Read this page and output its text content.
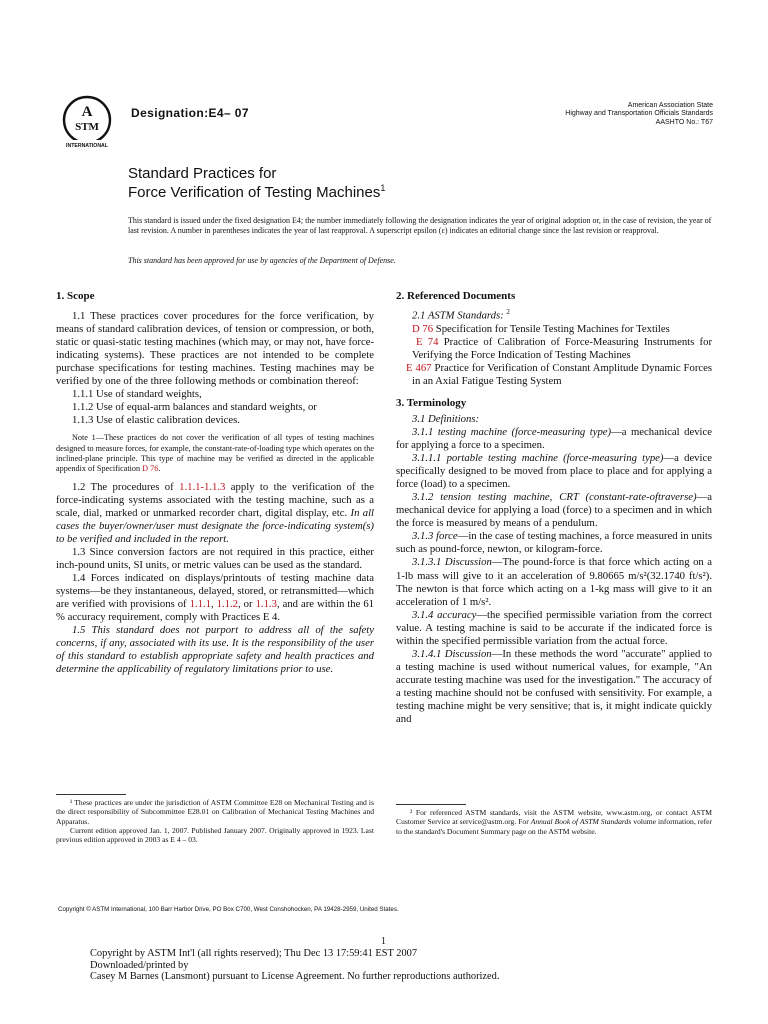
A
STM
INTERNATIONAL
Designation:E4– 07
American Association State
Highway and Transportation Officials Standards
AASHTO No.: T67
Standard Practices for
Force Verification of Testing Machines$^1$
This standard is issued under the fixed designation E4; the number immediately following the designation indicates the year of original adoption or, in the case of revision, the year of last revision. A number in parentheses indicates the year of last reapproval. A superscript epsilon (ε) indicates an editorial change since the last revision or reapproval.
This standard has been approved for use by agencies of the Department of Defense.

1. Scope

1.1 These practices cover procedures for the force verification, by means of standard calibration devices, of tension or compression, or both, static or quasi-static testing machines (which may, or may not, have force-indicating systems). These practices are not intended to be complete purchase specifications for testing machines. Testing machines may be verified by one of the three following methods or combination thereof:

1.1.1 Use of standard weights,

1.1.2 Use of equal-arm balances and standard weights, or

1.1.3 Use of elastic calibration devices.

Note 1—These practices do not cover the verification of all types of testing machines designed to measure forces, for example, the constant-rate-of-loading type which operates on the inclined-plane principle. This type of machine may be verified as directed in the applicable appendix of Specification D 76.

1.2 The procedures of 1.1.1-1.1.3 apply to the verification of the force-indicating systems associated with the testing machine, such as a scale, dial, marked or unmarked recorder chart, digital display, etc. In all cases the buyer/owner/user must designate the force-indicating system(s) to be verified and included in the report.

1.3 Since conversion factors are not required in this practice, either inch-pound units, SI units, or metric values can be used as the standard.

1.4 Forces indicated on displays/printouts of testing machine data systems—be they instantaneous, delayed, stored, or retransmitted—which are verified with provisions of 1.1.1, 1.1.2, or 1.1.3, and are within the 61 % accuracy requirement, comply with Practices E 4.

1.5 This standard does not purport to address all of the safety concerns, if any, associated with its use. It is the responsibility of the user of this standard to establish appropriate safety and health practices and determine the applicability of regulatory limitations prior to use.

2. Referenced Documents

2.1 ASTM Standards: $^2$

D 76 Specification for Tensile Testing Machines for Textiles

E 74 Practice of Calibration of Force-Measuring Instruments for Verifying the Force Indication of Testing Machines

E 467 Practice for Verification of Constant Amplitude Dynamic Forces in an Axial Fatigue Testing System

3. Terminology

3.1 Definitions:

3.1.1 testing machine (force-measuring type)—a mechanical device for applying a force to a specimen.

3.1.1.1 portable testing machine (force-measuring type)—a device specifically designed to be moved from place to place and for applying a force (load) to a specimen.

3.1.2 tension testing machine, CRT (constant-rate-oftraverse)—a mechanical device for applying a load (force) to a specimen and in which the force is measured by means of a pendulum.

3.1.3 force—in the case of testing machines, a force measured in units such as pound-force, newton, or kilogram-force.

3.1.3.1 Discussion—The pound-force is that force which acting on a 1-lb mass will give to it an acceleration of 9.80665 m/s²(32.1740 ft/s²). The newton is that force which acting on a 1-kg mass will give to it an acceleration of 1 m/s².

3.1.4 accuracy—the specified permissible variation from the correct value. A testing machine is said to be accurate if the indicated force is within the specified permissible variation from the actual force.

3.1.4.1 Discussion—In these methods the word "accurate" applied to a testing machine is used without numerical values, for example, "An accurate testing machine was used for the investigation." The accuracy of a testing machine should not be confused with sensitivity. For example, a testing machine might be very sensitive; that is, it might indicate quickly and

¹ These practices are under the jurisdiction of ASTM Committee E28 on Mechanical Testing and is the direct responsibility of Subcommittee E28.01 on Calibration of Mechanical Testing Machines and Apparatus.

Current edition approved Jan. 1, 2007. Published January 2007. Originally approved in 1923. Last previous edition approved in 2003 as E 4 – 03.

² For referenced ASTM standards, visit the ASTM website, www.astm.org, or contact ASTM Customer Service at service@astm.org. For Annual Book of ASTM Standards volume information, refer to the standard's Document Summary page on the ASTM website.

Copyright © ASTM International, 100 Barr Harbor Drive, PO Box C700, West Conshohocken, PA 19428-2959, United States.
1
Copyright by ASTM Int'l (all rights reserved); Thu Dec 13 17:59:41 EST 2007
Downloaded/printed by
Casey M Barnes (Lansmont) pursuant to License Agreement. No further reproductions authorized.
